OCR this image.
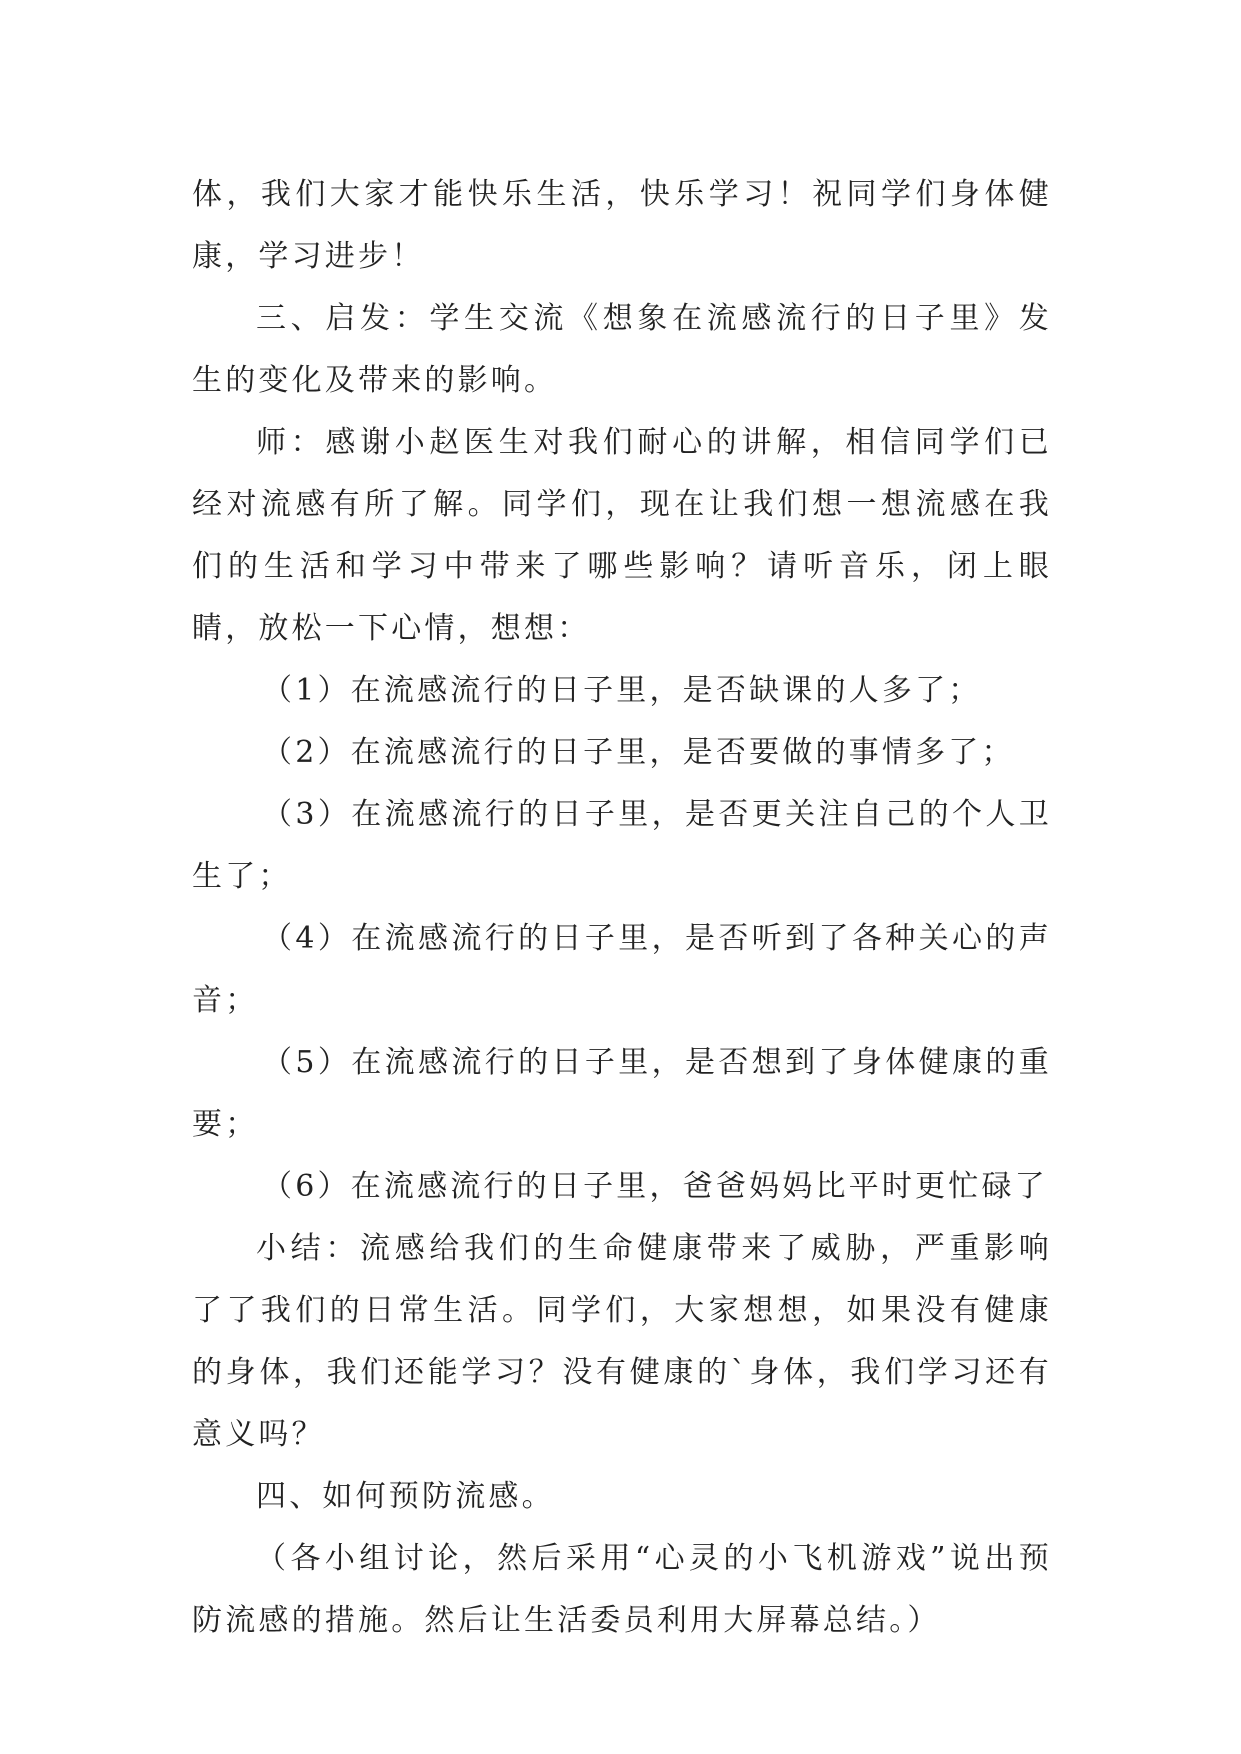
体，我们大家才能快乐生活，快乐学习！祝同学们身体健康，学习进步！

三、启发：学生交流《想象在流感流行的日子里》发生的变化及带来的影响。

师：感谢小赵医生对我们耐心的讲解，相信同学们已经对流感有所了解。同学们，现在让我们想一想流感在我们的生活和学习中带来了哪些影响？请听音乐，闭上眼睛，放松一下心情，想想：

（1）在流感流行的日子里，是否缺课的人多了；

（2）在流感流行的日子里，是否要做的事情多了；

（3）在流感流行的日子里，是否更关注自己的个人卫生了；

（4）在流感流行的日子里，是否听到了各种关心的声音；

（5）在流感流行的日子里，是否想到了身体健康的重要；

（6）在流感流行的日子里，爸爸妈妈比平时更忙碌了

小结：流感给我们的生命健康带来了威胁，严重影响了了我们的日常生活。同学们，大家想想，如果没有健康的身体，我们还能学习？没有健康的`身体，我们学习还有意义吗？

四、如何预防流感。

（各小组讨论，然后采用“心灵的小飞机游戏”说出预防流感的措施。然后让生活委员利用大屏幕总结。）
